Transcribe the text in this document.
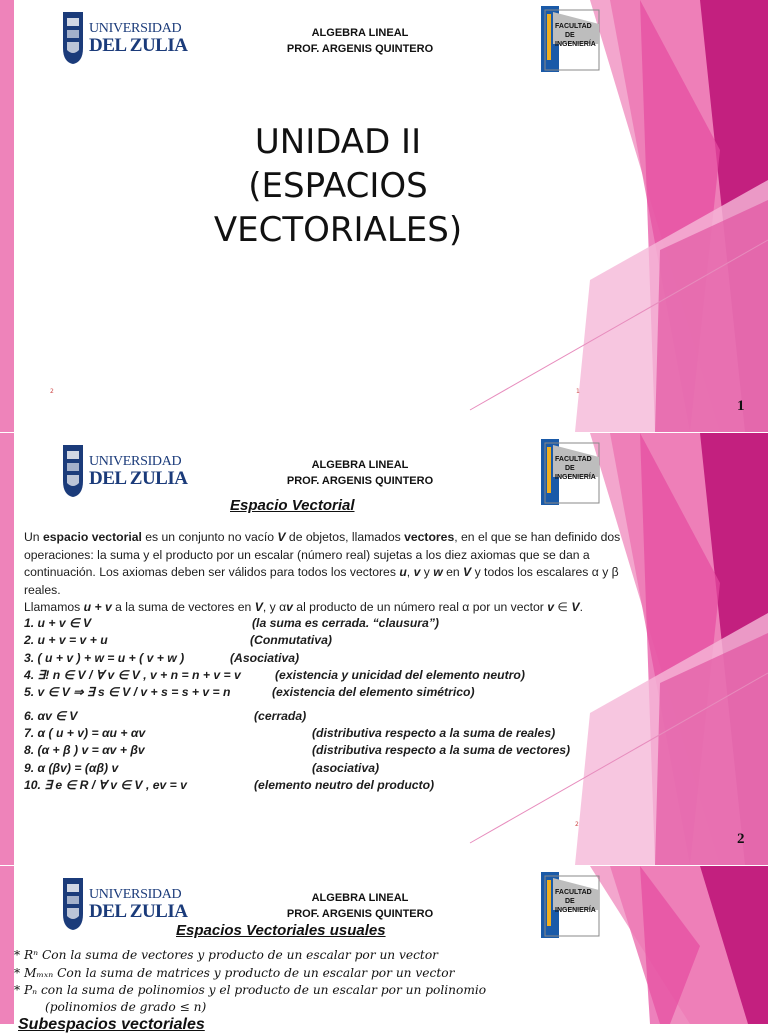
UNIVERSIDAD
DEL ZULIA
ALGEBRA LINEAL
PROF. ARGENIS QUINTERO
FACULTAD
DE
INGENIERÍA
UNIDAD II
(ESPACIOS
VECTORIALES)
2	1
1
UNIVERSIDAD
DEL ZULIA
ALGEBRA LINEAL
PROF. ARGENIS QUINTERO
FACULTAD
DE
INGENIERÍA
Espacio Vectorial
Un espacio vectorial es un conjunto no vacío V de objetos, llamados vectores, en el que se han definido dos operaciones: la suma y el producto por un escalar (número real) sujetas a los diez axiomas que se dan a continuación. Los axiomas deben ser válidos para todos los vectores u, v y w en V y todos los escalares α y β reales.
Llamamos u + v a la suma de vectores en V, y αv al producto de un número real α por un vector v ∈ V.
1. u + v ∈ V	(la suma es cerrada. “clausura”)
2. u + v = v + u	(Conmutativa)
3. ( u + v ) + w = u + ( v + w )	(Asociativa)
4. ∃! n ∈ V / ∀ v ∈ V , v + n = n + v = v	(existencia y unicidad del elemento neutro)
5. v ∈ V ⇒ ∃ s ∈ V / v + s = s + v = n	(existencia del elemento simétrico)
6. αv ∈ V	(cerrada)
7. α ( u + v) = αu + αv	(distributiva respecto a la suma de reales)
8. (α + β ) v = αv + βv	(distributiva respecto a la suma de vectores)
9. α (βv) = (αβ) v	(asociativa)
10. ∃ e ∈ R / ∀ v ∈ V , ev = v	(elemento neutro del producto)
2
2
UNIVERSIDAD
DEL ZULIA
ALGEBRA LINEAL
PROF. ARGENIS QUINTERO
FACULTAD
DE
INGENIERÍA
Espacios Vectoriales usuales
* Rⁿ Con la suma de vectores y producto de un escalar por un vector
* Mₘₓₙ Con la suma de matrices y producto de un escalar por un vector
* Pₙ con la suma de polinomios y el producto de un escalar por un polinomio
(polinomios de grado ≤ n)
Subespacios vectoriales
